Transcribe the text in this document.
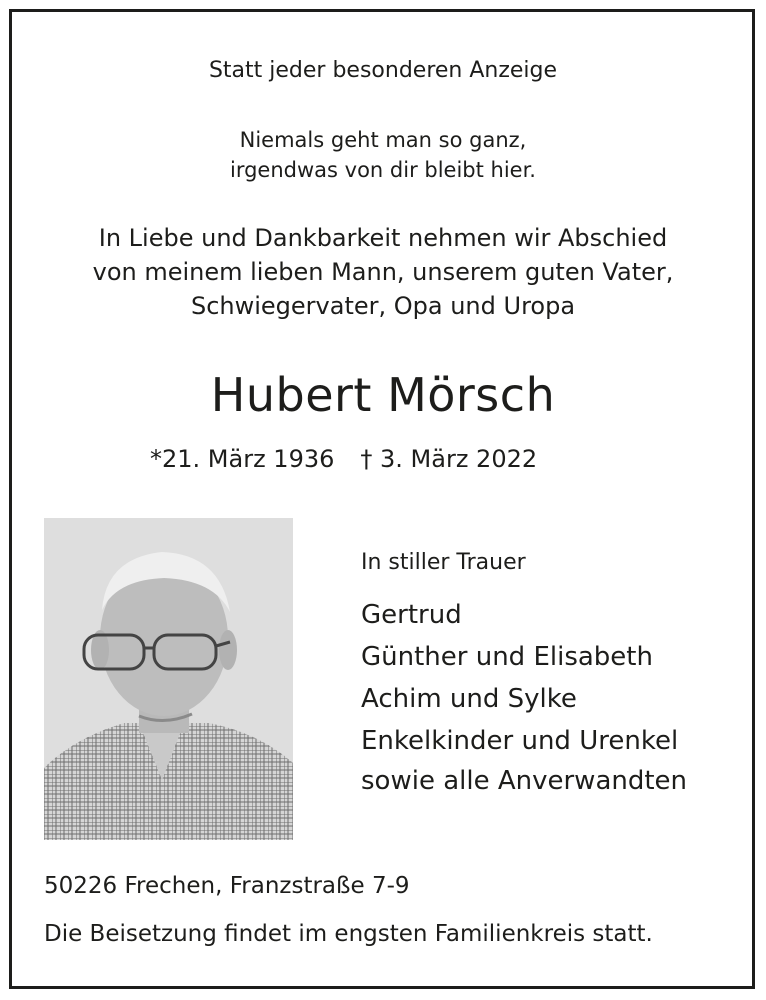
Statt jeder besonderen Anzeige
Niemals geht man so ganz,
irgendwas von dir bleibt hier.
In Liebe und Dankbarkeit nehmen wir Abschied
von meinem lieben Mann, unserem guten Vater,
Schwiegervater, Opa und Uropa
Hubert Mörsch
*21. März 1936 † 3. März 2022
In stiller Trauer
Gertrud
Günther und Elisabeth
Achim und Sylke
Enkelkinder und Urenkel
sowie alle Anverwandten
50226 Frechen, Franzstraße 7-9
Die Beisetzung findet im engsten Familienkreis statt.
